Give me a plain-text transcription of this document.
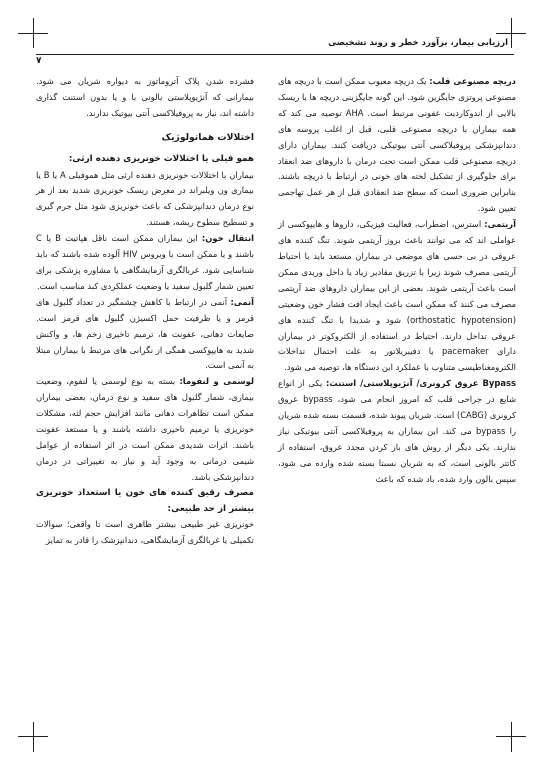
ارزیابی بیمار، برآورد خطر و روند تشخیصی
۷

دریچه مصنوعی قلب: یک دریچه معیوب ممکن است با دریچه های مصنوعی پروتزی جایگزین شود. این گونه جایگزینی دریچه ها با ریسک بالایی از اندوکاردیت عفونی مرتبط است. AHA توصیه می کند که همه بیماران با دریچه مصنوعی قلبی، قبل از اغلب پروسه های دندانپزشکی پروفیلاکسی آنتی بیوتیکی دریافت کنند. بیماران دارای دریچه مصنوعی قلب ممکن است تحت درمان با داروهای ضد انعقاد برای جلوگیری از تشکیل لخته های خونی در ارتباط با دریچه باشند. بنابراین ضروری است که سطح ضد انعقادی قبل از هر عمل تهاجمی تعیین شود.

آریتمی: استرس، اضطراب، فعالیت فیزیکی، داروها و هایپوکسی از عواملی اند که می توانند باعث بروز آریتمی شوند. تنگ کننده های عروقی در بی حسی های موضعی در بیماران مستعد باید با احتیاط آریتمی مصرف شوند زیرا با تزریق مقادیر زیاد یا داخل وریدی ممکن است باعث آریتمی شوند. بعضی از این بیماران داروهای ضد آریتمی مصرف می کنند که ممکن است باعث ایجاد افت فشار خون وضعیتی (orthostatic hypotension) شود و شدیدا با تنگ کننده های عروقی تداخل دارند. احتیاط در استفاده از الکتروکوتر در بیماران دارای pacemaker یا دفیبریلاتور به علت احتمال تداخلات الکترومغناطیسی متناوب با عملکرد این دستگاه ها، توصیه می شود.

Bypass عروق کرونری/ آنژیوپلاستی/ استنت: یکی از انواع شایع در جراحی قلب که امروز انجام می شود، bypass عروق کرونری (CABG) است. شریان پیوند شده، قسمت بسته شده شریان را bypass می کند. این بیماران به پروفیلاکسی آنتی بیوتیکی نیاز ندارند. یکی دیگر از روش های باز کردن مجدد عروق، استفاده از کاتتر بالونی است، که به شریان نسبتا بسته شده وارده می شود، سپس بالون وارد شده، باد شده که باعث

فشرده شدن پلاک آتروماتوز به دیواره شریان می شود. بیمارانی که آنژیوپلاستی بالونی با و یا بدون استنت گذاری داشته اند، نیاز به پروفیلاکسی آنتی بیوتیک ندارند.

اختلالات هماتولوژیک
همو فیلی یا اختلالات خونریزی دهنده ارثی:

بیماران با اختلالات خونریزی دهنده ارثی مثل هموفیلی A یا B یا بیماری ون ویلبراند در معرض ریسک خونریزی شدید بعد از هر نوع درمان دندانپزشکی که باعث خونریزی شود مثل جرم گیری و تسطیح سطوح ریشه، هستند.

انتقال خون: این بیماران ممکن است ناقل هپاتیت B یا C باشند و یا ممکن است با ویروس HIV آلوده شده باشند که باید شناسایی شود. غربالگری آزمایشگاهی یا مشاوره پزشکی برای تعیین شمار گلبول سفید یا وضعیت عملکردی کبد مناسب است.

آنمی: آنمی در ارتباط با کاهش چشمگیر در تعداد گلبول های قرمز و یا ظرفیت حمل اکسیژن گلبول های قرمز است. ضایعات دهانی، عفونت ها، ترمیم تاخیری زخم ها، و واکنش شدید به هایپوکسی همگی از نگرانی های مرتبط با بیماران مبتلا به آنمی است.

لوسمی و لنفوما: بسته به نوع لوسمی یا لنفوم، وضعیت بیماری، شمار گلبول های سفید و نوع درمان، بعضی بیماران ممکن است تظاهرات دهانی مانند افزایش حجم لثه، مشکلات خونریزی یا ترمیم تاخیری داشته باشند و یا مستعد عفونت باشند. اثرات شدیدی ممکن است در اثر استفاده از عوامل شیمی درمانی به وجود آید و نیاز به تغییراتی در درمان دندانپزشکی باشد.

مصرف رقیق کننده های خون یا استعداد خونریزی بیشتر از حد طبیعی:

خونریزی غیر طبیعی بیشتر ظاهری است تا واقعی؛ سوالات تکمیلی یا غربالگری آزمایشگاهی، دندانپزشک را قادر به تمایز
